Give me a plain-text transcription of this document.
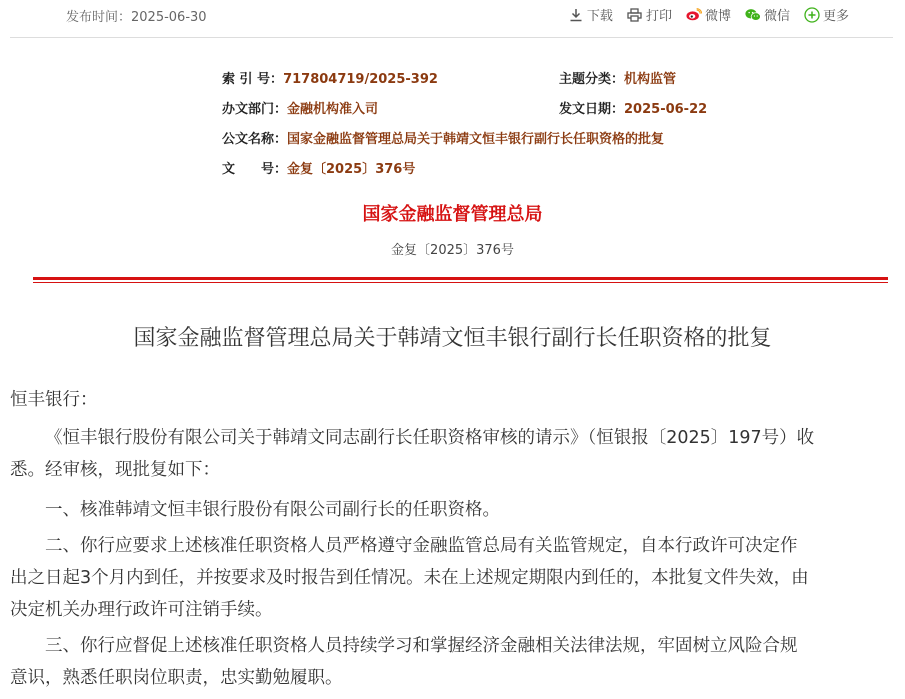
发布时间：2025-06-30	下载	打印	微博	微信	更多
索 引 号：717804719/2025-392	主题分类：机构监管
办文部门：金融机构准入司	发文日期：2025-06-22
公文名称：国家金融监督管理总局关于韩靖文恒丰银行副行长任职资格的批复
文　　号：金复〔2025〕376号
国家金融监督管理总局
金复〔2025〕376号
国家金融监督管理总局关于韩靖文恒丰银行副行长任职资格的批复
恒丰银行：
《恒丰银行股份有限公司关于韩靖文同志副行长任职资格审核的请示》（恒银报〔2025〕197号）收
悉。经审核，现批复如下：
一、核准韩靖文恒丰银行股份有限公司副行长的任职资格。
二、你行应要求上述核准任职资格人员严格遵守金融监管总局有关监管规定，自本行政许可决定作
出之日起3个月内到任，并按要求及时报告到任情况。未在上述规定期限内到任的，本批复文件失效，由
决定机关办理行政许可注销手续。
三、你行应督促上述核准任职资格人员持续学习和掌握经济金融相关法律法规，牢固树立风险合规
意识，熟悉任职岗位职责，忠实勤勉履职。
